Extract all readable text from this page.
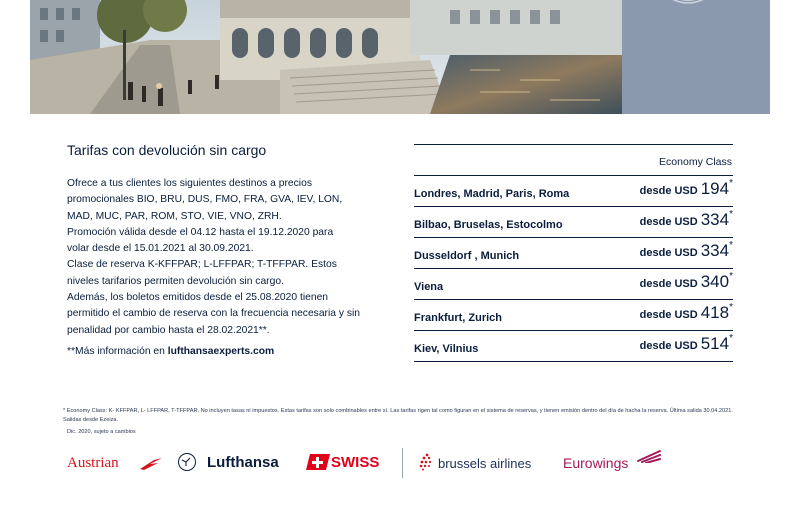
Tarifas con devolución sin cargo

Ofrece a tus clientes los siguientes destinos a precios

promocionales BIO, BRU, DUS, FMO, FRA, GVA, IEV, LON,

MAD, MUC, PAR, ROM, STO, VIE, VNO, ZRH.

Promoción válida desde el 04.12 hasta el 19.12.2020 para

volar desde el 15.01.2021 al 30.09.2021.

Clase de reserva K-KFFPAR; L-LFFPAR; T-TFFPAR. Estos

niveles tarifarios permiten devolución sin cargo.

Además, los boletos emitidos desde el 25.08.2020 tienen

permitido el cambio de reserva con la frecuencia necesaria y sin

penalidad por cambio hasta el 28.02.2021**.

**Más información en lufthansaexperts.com
Economy Class
Londres, Madrid, Paris, Roma	desde USD 194*
Bilbao, Bruselas, Estocolmo	desde USD 334*
Dusseldorf , Munich	desde USD 334*
Viena	desde USD 340*
Frankfurt, Zurich	desde USD 418*
Kiev, Vilnius	desde USD 514*
* Economy Class: K- KFFPAR, L- LFFPAR, T-TFFPAR. No incluyen tasas ni impuestos. Estas tarifas son solo combinables entre sí. Las tarifas rigen tal como figuran en el sistema de reservas, y tienen emisión dentro del día de hacha la reserva. Última salida 30.04.2021. Salidas desde Ezeiza.
Dic. 2020, sujeto a cambios
Austrian	Lufthansa	SWISS	brussels airlines Eurowings
